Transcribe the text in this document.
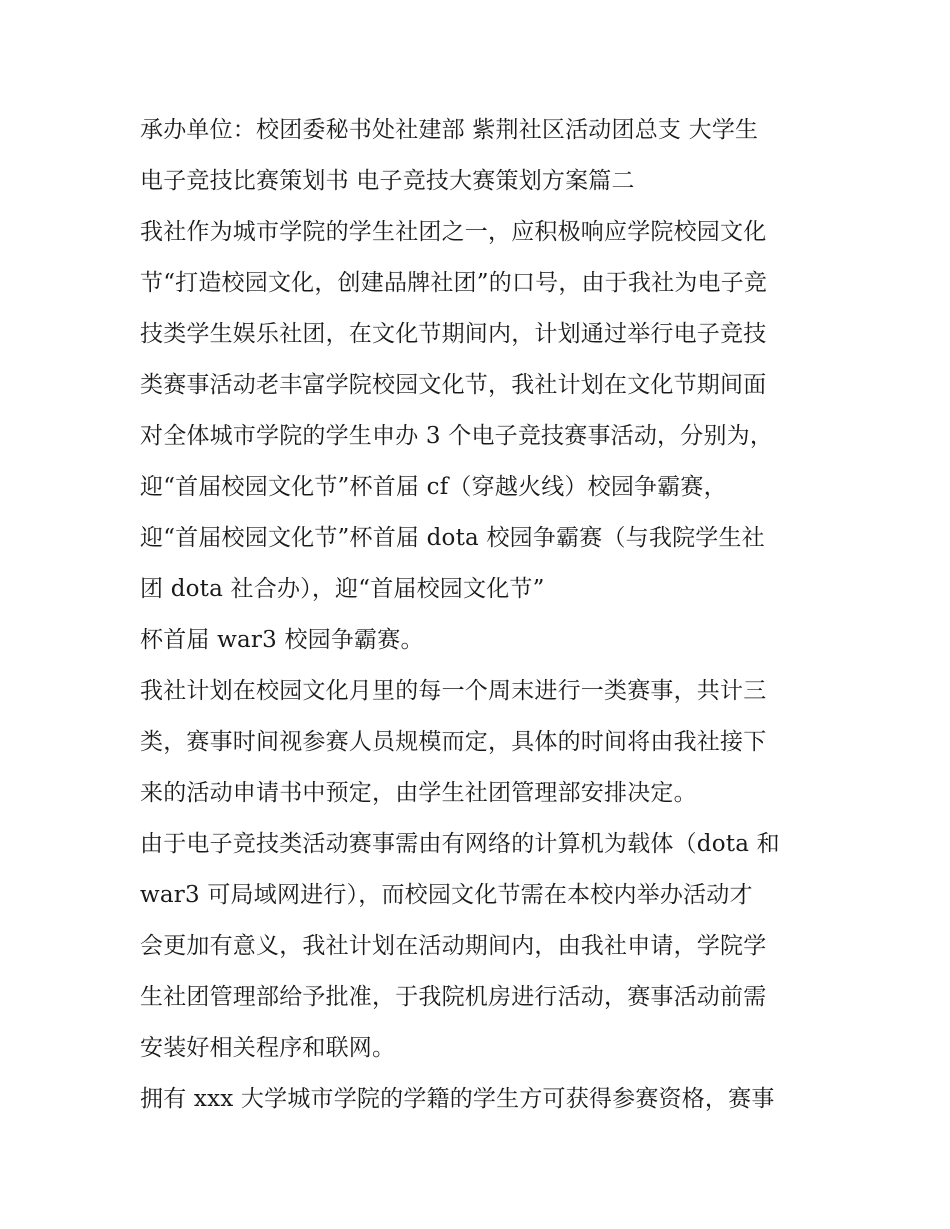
承办单位：校团委秘书处社建部 紫荆社区活动团总支 大学生
电子竞技比赛策划书 电子竞技大赛策划方案篇二
我社作为城市学院的学生社团之一，应积极响应学院校园文化
节“打造校园文化，创建品牌社团”的口号，由于我社为电子竞
技类学生娱乐社团，在文化节期间内，计划通过举行电子竞技
类赛事活动老丰富学院校园文化节，我社计划在文化节期间面
对全体城市学院的学生申办 3 个电子竞技赛事活动，分别为，
迎“首届校园文化节”杯首届 cf（穿越火线）校园争霸赛，
迎“首届校园文化节”杯首届 dota 校园争霸赛（与我院学生社
团 dota 社合办），迎“首届校园文化节”
杯首届 war3 校园争霸赛。
我社计划在校园文化月里的每一个周末进行一类赛事，共计三
类，赛事时间视参赛人员规模而定，具体的时间将由我社接下
来的活动申请书中预定，由学生社团管理部安排决定。
由于电子竞技类活动赛事需由有网络的计算机为载体（dota 和
war3 可局域网进行），而校园文化节需在本校内举办活动才
会更加有意义，我社计划在活动期间内，由我社申请，学院学
生社团管理部给予批准，于我院机房进行活动，赛事活动前需
安装好相关程序和联网。
拥有 xxx 大学城市学院的学籍的学生方可获得参赛资格，赛事
